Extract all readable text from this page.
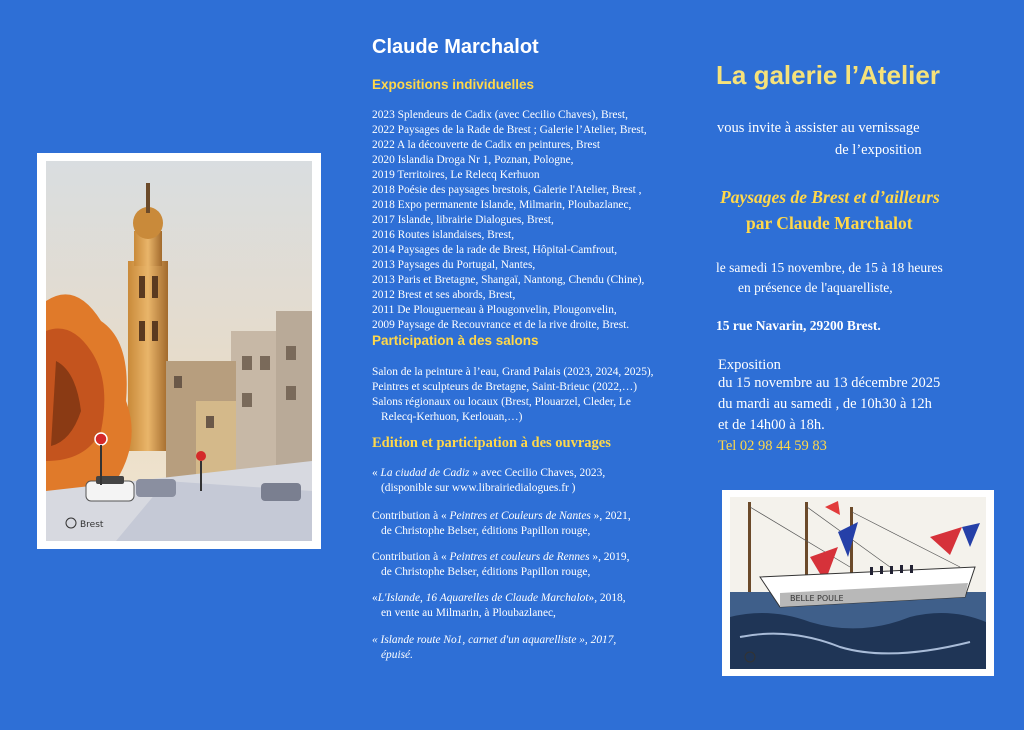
Brest
Claude Marchalot
Expositions individuelles
2023 Splendeurs de Cadix (avec Cecilio Chaves), Brest,
2022 Paysages de la Rade de Brest ; Galerie l’Atelier, Brest,
2022 A la découverte de Cadix en peintures, Brest
2020 Islandia Droga Nr 1, Poznan, Pologne,
2019 Territoires, Le Relecq Kerhuon
2018 Poésie des paysages brestois, Galerie l'Atelier, Brest ,
2018 Expo permanente Islande, Milmarin, Ploubazlanec,
2017 Islande, librairie Dialogues, Brest,
2016 Routes islandaises, Brest,
2014 Paysages de la rade de Brest, Hôpital-Camfrout,
2013 Paysages du Portugal, Nantes,
2013 Paris et Bretagne, Shangaï, Nantong, Chendu (Chine),
2012 Brest et ses abords, Brest,
2011 De Plouguerneau à Plougonvelin, Plougonvelin,
2009 Paysage de Recouvrance et de la rive droite, Brest.
Participation à des salons
Salon de la peinture à l’eau, Grand Palais (2023, 2024, 2025),
Peintres et sculpteurs de Bretagne, Saint-Brieuc (2022,…)
Salons régionaux ou locaux (Brest, Plouarzel, Cleder, Le
Relecq-Kerhuon, Kerlouan,…)
Edition et participation à des ouvrages
« La ciudad de Cadiz » avec Cecilio Chaves, 2023,
(disponible sur www.librairiedialogues.fr )
Contribution à « Peintres et Couleurs de Nantes », 2021,
de Christophe Belser, éditions Papillon rouge,
Contribution à « Peintres et couleurs de Rennes », 2019,
de Christophe Belser, éditions Papillon rouge,
«L'Islande, 16 Aquarelles de Claude Marchalot», 2018,
en vente au Milmarin, à Ploubazlanec,
« Islande route No1, carnet d'un aquarelliste », 2017,
épuisé.
La galerie l’Atelier
vous invite à assister au vernissage
de l’exposition
Paysages de Brest et d’ailleurs
par Claude Marchalot
le samedi 15 novembre, de 15 à 18 heures
en présence de l'aquarelliste,
15 rue Navarin, 29200 Brest.
Exposition
du 15 novembre au 13 décembre 2025
du mardi au samedi , de 10h30 à 12h
et de 14h00 à 18h.
Tel 02 98 44 59 83
BELLE POULE
